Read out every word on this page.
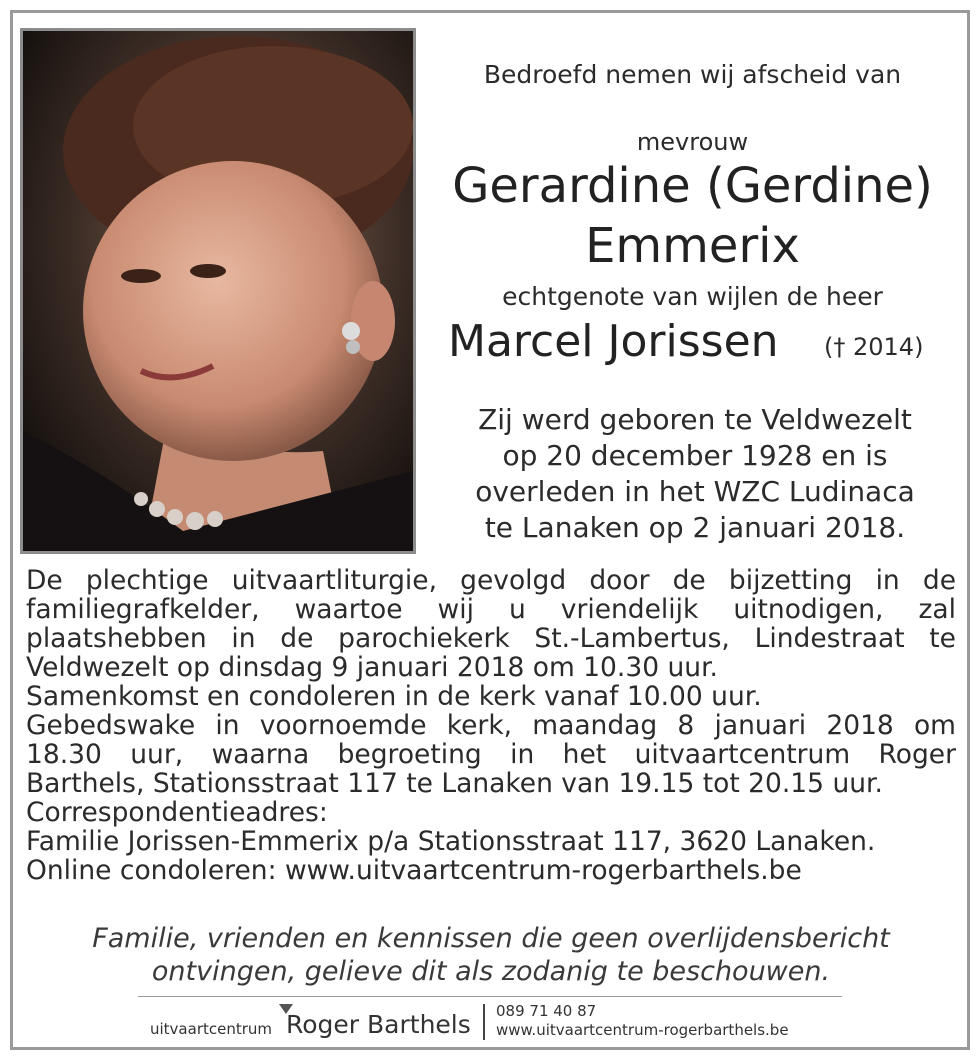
Bedroefd nemen wij afscheid van
mevrouw
Gerardine (Gerdine)
Emmerix
echtgenote van wijlen de heer
Marcel Jorissen († 2014)
Zij werd geboren te Veldwezelt
op 20 december 1928 en is
overleden in het WZC Ludinaca
te Lanaken op 2 januari 2018.
De plechtige uitvaartliturgie, gevolgd door de bijzetting in de
familiegrafkelder, waartoe wij u vriendelijk uitnodigen, zal
plaatshebben in de parochiekerk St.-Lambertus, Lindestraat te
Veldwezelt op dinsdag 9 januari 2018 om 10.30 uur.
Samenkomst en condoleren in de kerk vanaf 10.00 uur.
Gebedswake in voornoemde kerk, maandag 8 januari 2018 om
18.30 uur, waarna begroeting in het uitvaartcentrum Roger
Barthels, Stationsstraat 117 te Lanaken van 19.15 tot 20.15 uur.
Correspondentieadres:
Familie Jorissen-Emmerix p/a Stationsstraat 117, 3620 Lanaken.
Online condoleren: www.uitvaartcentrum-rogerbarthels.be
Familie, vrienden en kennissen die geen overlijdensbericht
ontvingen, gelieve dit als zodanig te beschouwen.
uitvaartcentrum Roger Barthels 089 71 40 87
www.uitvaartcentrum-rogerbarthels.be
